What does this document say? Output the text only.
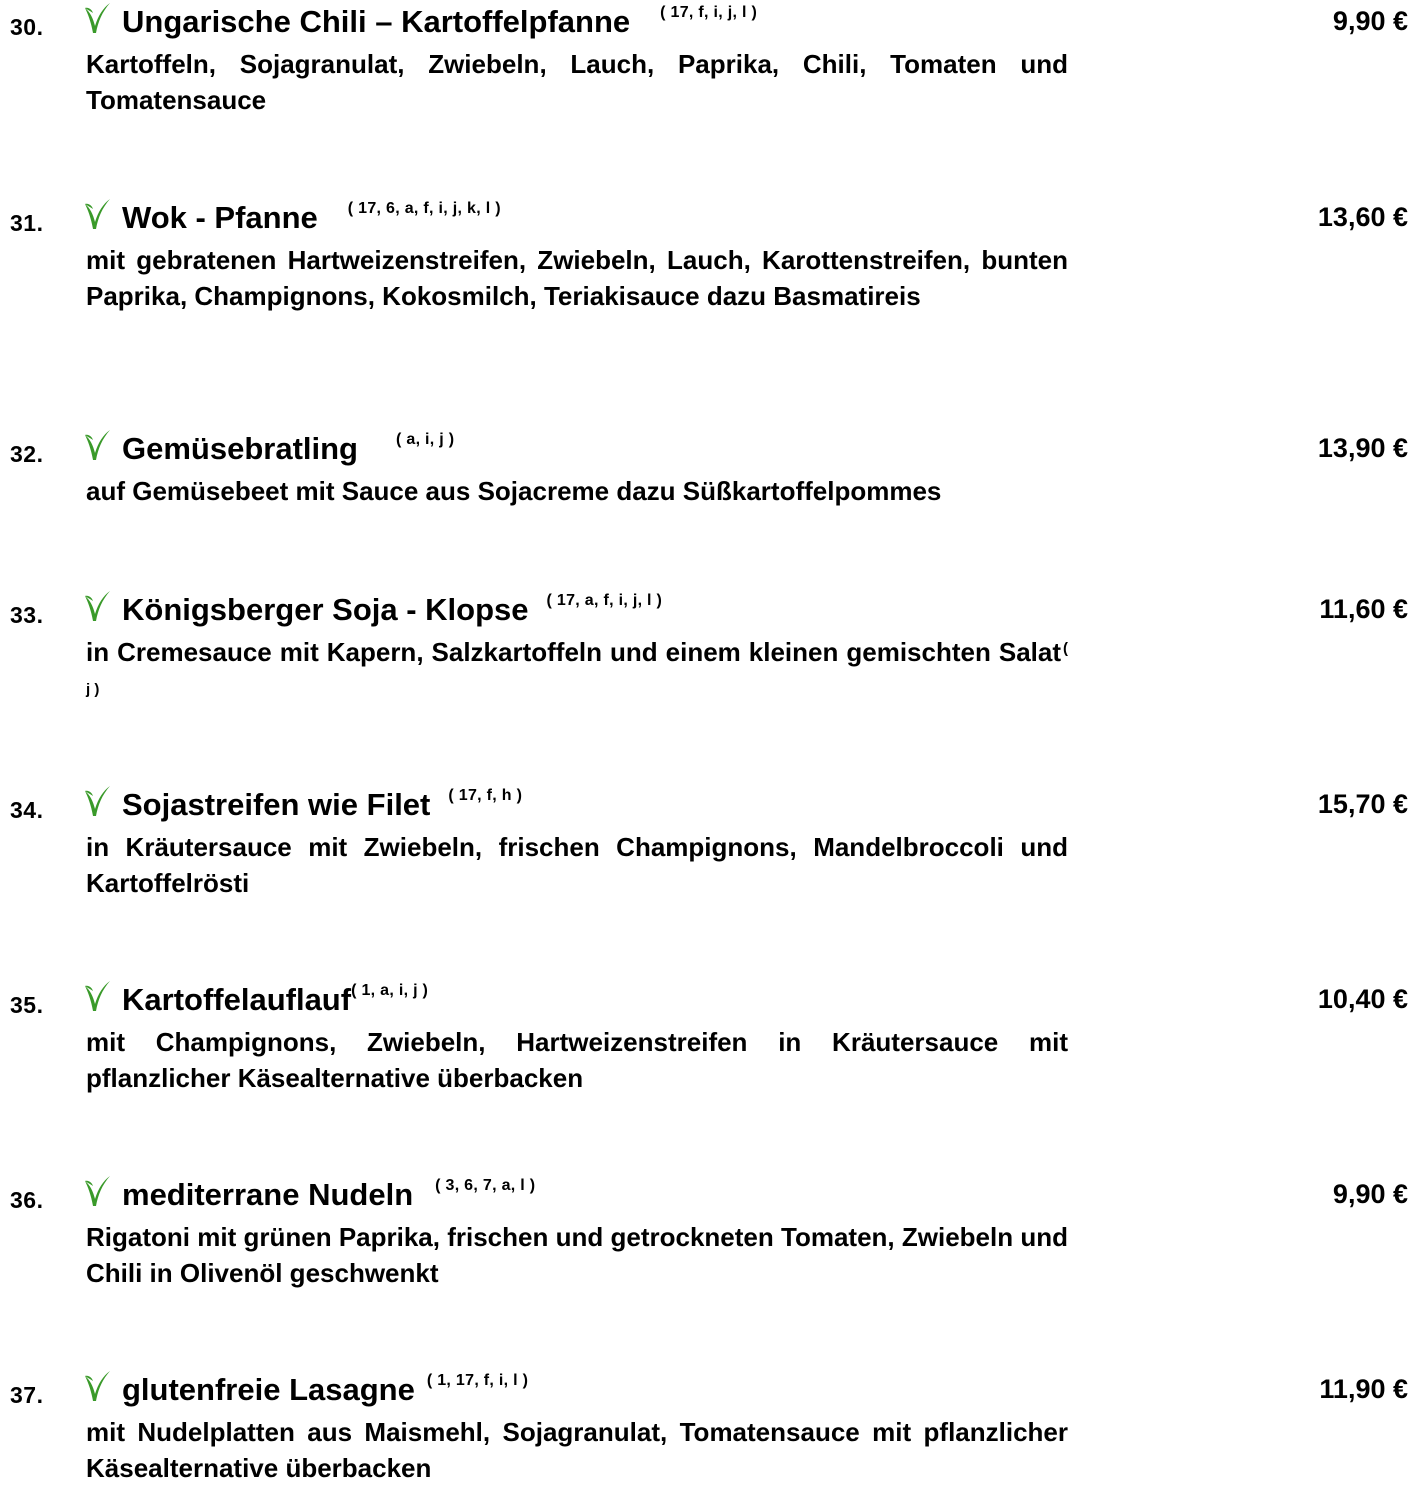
30.	Ungarische Chili – Kartoffelpfanne ( 17, f, i, j, l )	9,90 €
Kartoffeln, Sojagranulat, Zwiebeln, Lauch, Paprika, Chili, Tomaten und Tomatensauce
31.	Wok - Pfanne ( 17, 6, a, f, i, j, k, l )	13,60 €
mit gebratenen Hartweizenstreifen, Zwiebeln, Lauch, Karottenstreifen, bunten Paprika, Champignons, Kokosmilch, Teriakisauce dazu Basmatireis
32.	Gemüsebratling ( a, i, j )	13,90 €
auf Gemüsebeet mit Sauce aus Sojacreme dazu Süßkartoffelpommes
33.	Königsberger Soja - Klopse ( 17, a, f, i, j, l )	11,60 €
in Cremesauce mit Kapern, Salzkartoffeln und einem kleinen gemischten Salat $^{( j )}$
34.	Sojastreifen wie Filet ( 17, f, h )	15,70 €
in Kräutersauce mit Zwiebeln, frischen Champignons, Mandelbroccoli und Kartoffelrösti
35.	Kartoffelauflauf ( 1, a, i, j )	10,40 €
mit Champignons, Zwiebeln, Hartweizenstreifen in Kräutersauce mit pflanzlicher Käsealternative überbacken
36.	mediterrane Nudeln ( 3, 6, 7, a, l )	9,90 €
Rigatoni mit grünen Paprika, frischen und getrockneten Tomaten, Zwiebeln und Chili in Olivenöl geschwenkt
37.	glutenfreie Lasagne ( 1, 17, f, i, l )	11,90 €
mit Nudelplatten aus Maismehl, Sojagranulat, Tomatensauce mit pflanzlicher Käsealternative überbacken
